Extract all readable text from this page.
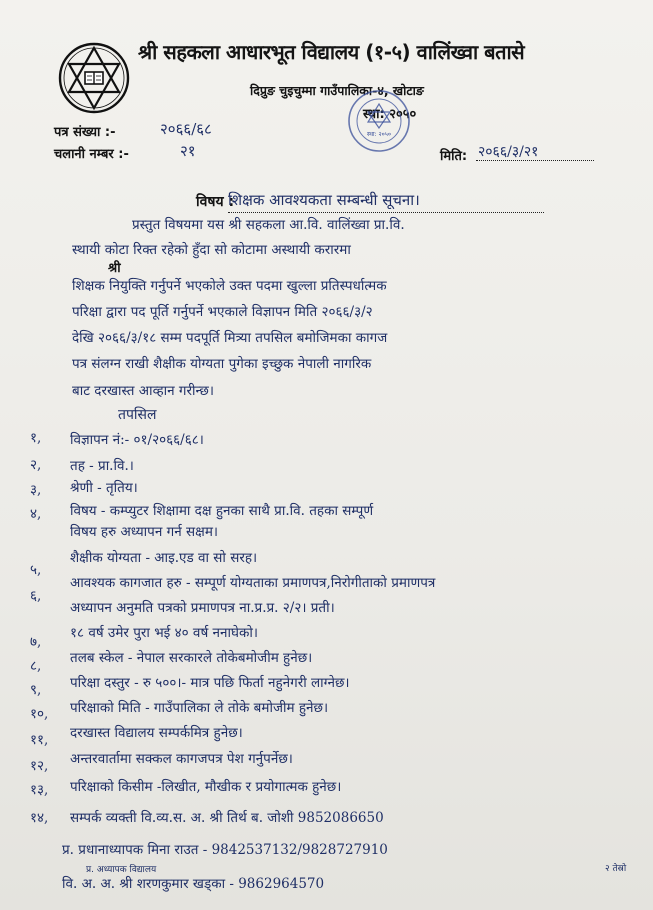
श्री सहकला आधारभूत विद्यालय (१-५) वालिंख्वा बतासे
दिप्रुङ चुइचुम्मा गाउँपालिका-४, खोटाङ
स्था: २०५०
स्था: २०५०
पत्र संख्या :-	२०६६/६८
चलानी नम्बर :-	२१	मिति: २०६६/३/२१
विषय :
शिक्षक आवश्यकता सम्बन्धी सूचना।
श्री
प्रस्तुत विषयमा यस श्री सहकला आ.वि. वालिंख्वा प्रा.वि.
स्थायी कोटा रिक्त रहेको हुँदा सो कोटामा अस्थायी करारमा
शिक्षक नियुक्ति गर्नुपर्ने भएकोले उक्त पदमा खुल्ला प्रतिस्पर्धात्मक
परिक्षा द्वारा पद पूर्ति गर्नुपर्ने भएकाले विज्ञापन मिति २०६६/३/२
देखि २०६६/३/१८ सम्म पदपूर्ति मित्र्या तपसिल बमोजिमका कागज
पत्र संलग्न राखी शैक्षीक योग्यता पुगेका इच्छुक नेपाली नागरिक
बाट दरखास्त आव्हान गरीन्छ।
तपसिल
१, विज्ञापन नं:- ०१/२०६६/६८।
२, तह - प्रा.वि.।
३, श्रेणी - तृतिय।
४, विषय - कम्प्युटर शिक्षामा दक्ष हुनका साथै प्रा.वि. तहका सम्पूर्ण
विषय हरु अध्यापन गर्न सक्षम।
५,
शैक्षीक योग्यता - आइ.एड वा सो सरह।
६,
आवश्यक कागजात हरु - सम्पूर्ण योग्यताका प्रमाणपत्र,निरोगीताको प्रमाणपत्र
अध्यापन अनुमति पत्रको प्रमाणपत्र ना.प्र.प्र. २/२। प्रती।
७,
१८ वर्ष उमेर पुरा भई ४० वर्ष ननाघेको।
८, तलब स्केल - नेपाल सरकारले तोकेबमोजीम हुनेछ।
९, परिक्षा दस्तुर - रु ५००।- मात्र पछि फिर्ता नहुनेगरी लाग्नेछ।
१०, परिक्षाको मिति - गाउँपालिका ले तोके बमोजीम हुनेछ।
११, दरखास्त विद्यालय सम्पर्कमित्र हुनेछ।
१२, अन्तरवार्तामा सक्कल कागजपत्र पेश गर्नुपर्नेछ।
१३, परिक्षाको किसीम -लिखीत, मौखीक र प्रयोगात्मक हुनेछ।
१४, सम्पर्क व्यक्ती वि.व्य.स. अ. श्री तिर्थ ब. जोशी 9852086650
प्र. प्रधानाध्यापक मिना राउत - 9842537132/9828727910
प्र. अध्यापक विद्यालय
वि. अ. अ. श्री शरणकुमार खड्का - 9862964570
२ तेस्रो
